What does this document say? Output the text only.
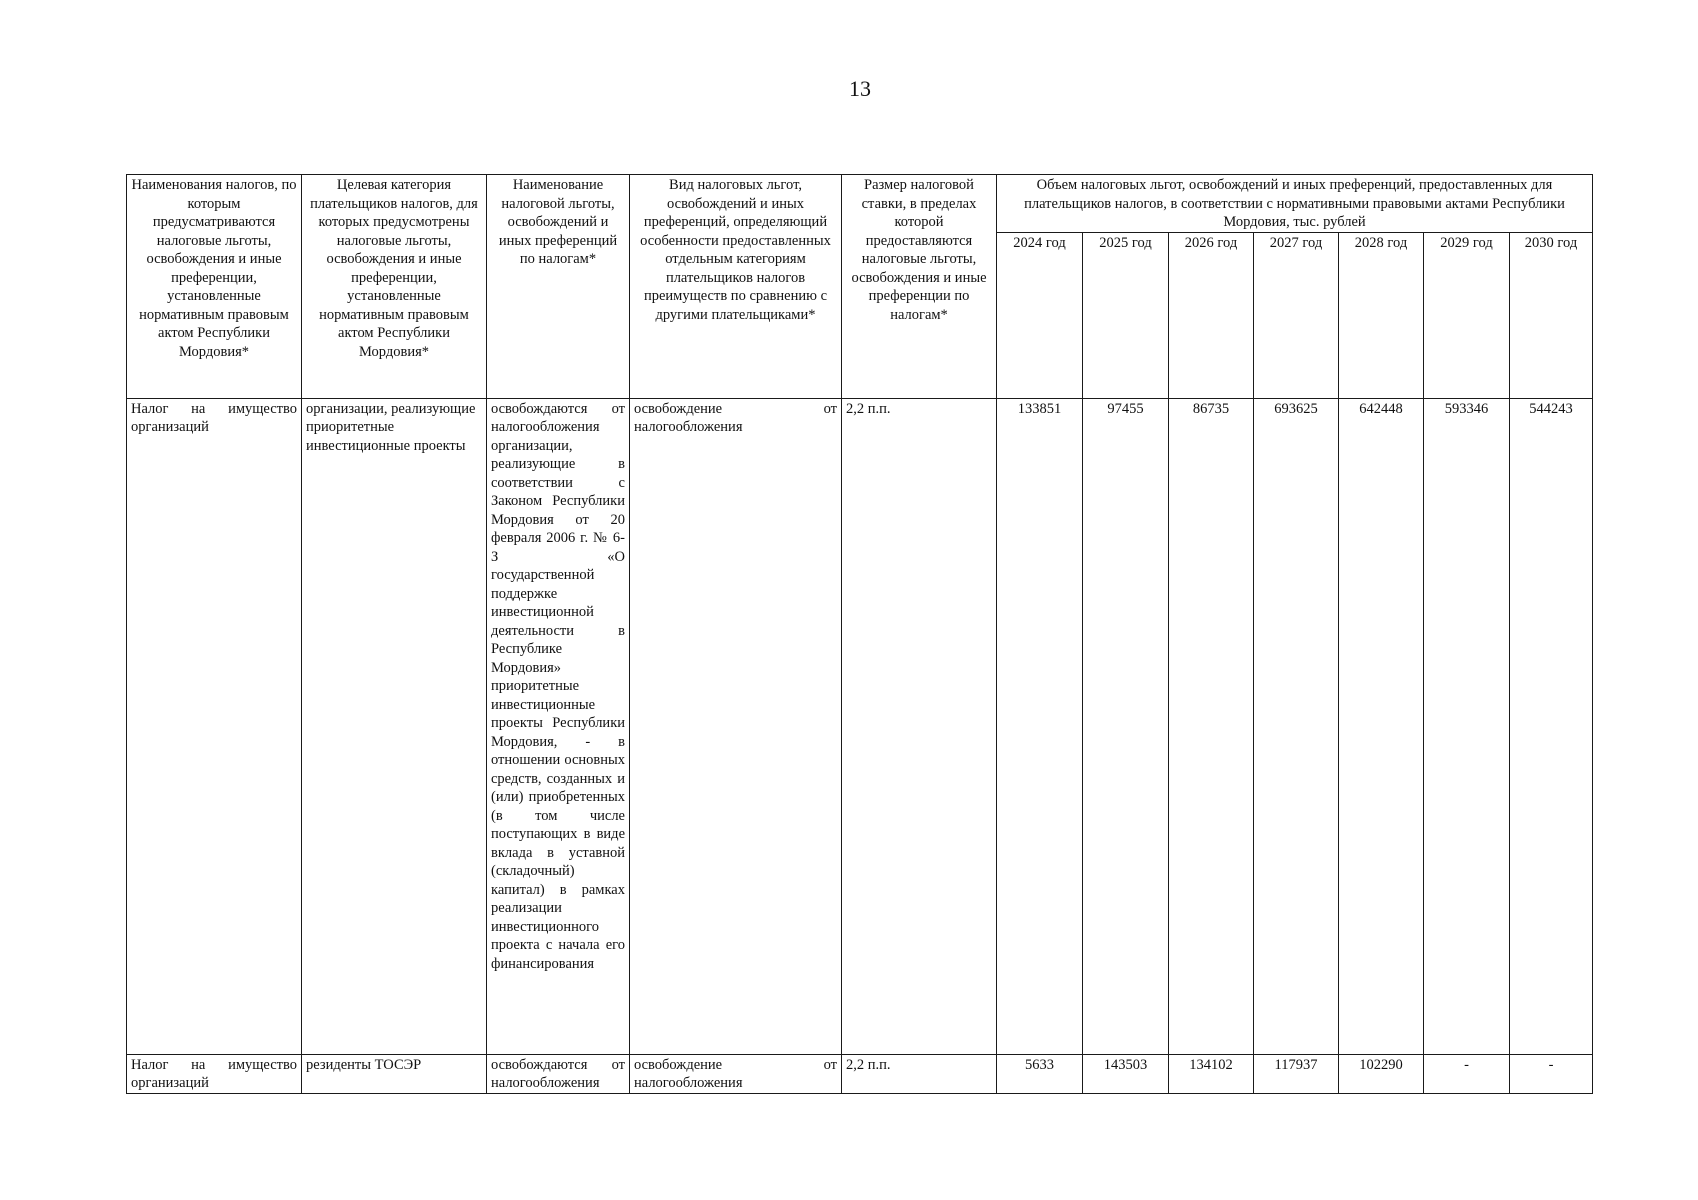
13
Наименования налогов, по которым предусматриваются налоговые льготы, освобождения и иные преференции, установленные нормативным правовым актом Республики Мордовия*	Целевая категория плательщиков налогов, для которых предусмотрены налоговые льготы, освобождения и иные преференции, установленные нормативным правовым актом Республики Мордовия*	Наименование налоговой льготы, освобождений и иных преференций по налогам*	Вид налоговых льгот, освобождений и иных преференций, определяющий особенности предоставленных отдельным категориям плательщиков налогов преимуществ по сравнению с другими плательщиками*	Размер налоговой ставки, в пределах которой предоставляются налоговые льготы, освобождения и иные преференции по налогам*	Объем налоговых льгот, освобождений и иных преференций, предоставленных для плательщиков налогов, в соответствии с нормативными правовыми актами Республики Мордовия, тыс. рублей						
					2024 год	2025 год	2026 год	2027 год	2028 год	2029 год	2030 год
Налог на имущество организаций	организации, реализующие приоритетные инвестиционные проекты	освобождаются от налогообложения организации, реализующие в соответствии с Законом Республики Мордовия от 20 февраля 2006 г. № 6-З «О государственной поддержке инвестиционной деятельности в Республике Мордовия» приоритетные инвестиционные проекты Республики Мордовия, - в отношении основных средств, созданных и (или) приобретенных (в том числе поступающих в виде вклада в уставной (складочный) капитал) в рамках реализации инвестиционного проекта с начала его финансирования	освобождение от налогообложения	2,2 п.п.	133851	97455	86735	693625	642448	593346	544243
Налог на имущество организаций	резиденты ТОСЭР	освобождаются от налогообложения	освобождение от налогообложения	2,2 п.п.	5633	143503	134102	117937	102290	-	-
